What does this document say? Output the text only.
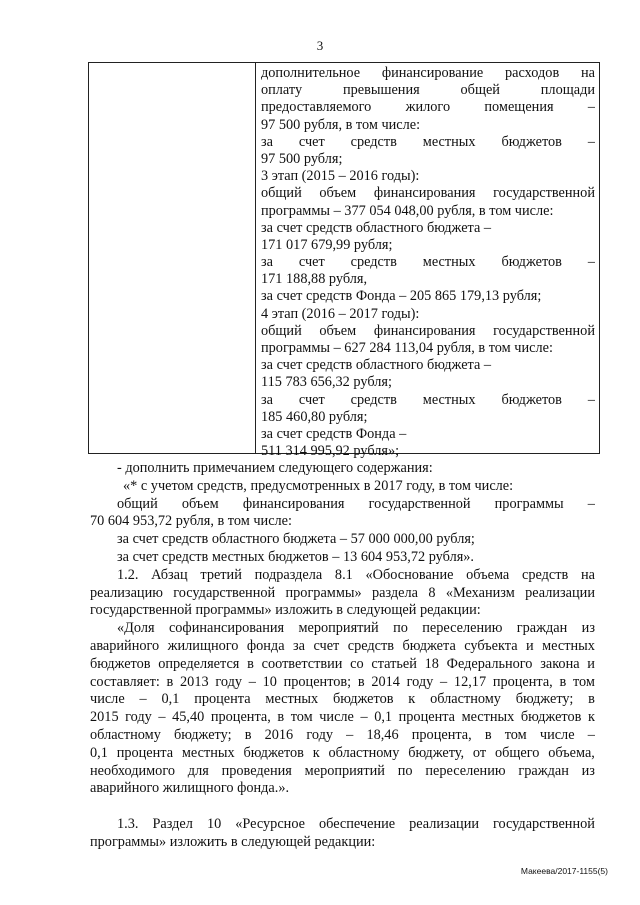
3
дополнительное финансирование расходов на
оплату	превышения	общей	площади
предоставляемого жилого помещения –
97 500 рубля, в том числе:
за счет средств местных бюджетов –
97 500 рубля;
3 этап (2015 – 2016 годы):
общий объем финансирования государственной
программы – 377 054 048,00 рубля, в том числе:
за счет средств областного бюджета –
171 017 679,99 рубля;
за счет средств местных бюджетов –
171 188,88 рубля,
за счет средств Фонда – 205 865 179,13 рубля;
4 этап (2016 – 2017 годы):
общий объем финансирования государственной
программы – 627 284 113,04 рубля, в том числе:
за счет средств областного бюджета –
115 783 656,32 рубля;
за счет средств местных бюджетов –
185 460,80 рубля;
за счет средств Фонда –
511 314 995,92 рубля»;
- дополнить примечанием следующего содержания:
«* с учетом средств, предусмотренных в 2017 году, в том числе:
общий объем финансирования государственной программы –
70 604 953,72 рубля, в том числе:
за счет средств областного бюджета – 57 000 000,00 рубля;
за счет средств местных бюджетов – 13 604 953,72 рубля».
1.2. Абзац третий подраздела 8.1 «Обоснование объема средств на
реализацию государственной программы» раздела 8 «Механизм реализации
государственной программы» изложить в следующей редакции:
«Доля софинансирования мероприятий по переселению граждан из
аварийного жилищного фонда за счет средств бюджета субъекта и местных
бюджетов определяется в соответствии со статьей 18 Федерального закона и
составляет: в 2013 году – 10 процентов; в 2014 году – 12,17 процента, в том
числе – 0,1 процента местных бюджетов к областному бюджету; в
2015 году – 45,40 процента, в том числе – 0,1 процента местных бюджетов к
областному бюджету; в 2016 году – 18,46 процента, в том числе –
0,1 процента местных бюджетов к областному бюджету, от общего объема,
необходимого для проведения мероприятий по переселению граждан из
аварийного жилищного фонда.».
1.3. Раздел 10 «Ресурсное обеспечение реализации государственной
программы» изложить в следующей редакции:
Макеева/2017-1155(5)
